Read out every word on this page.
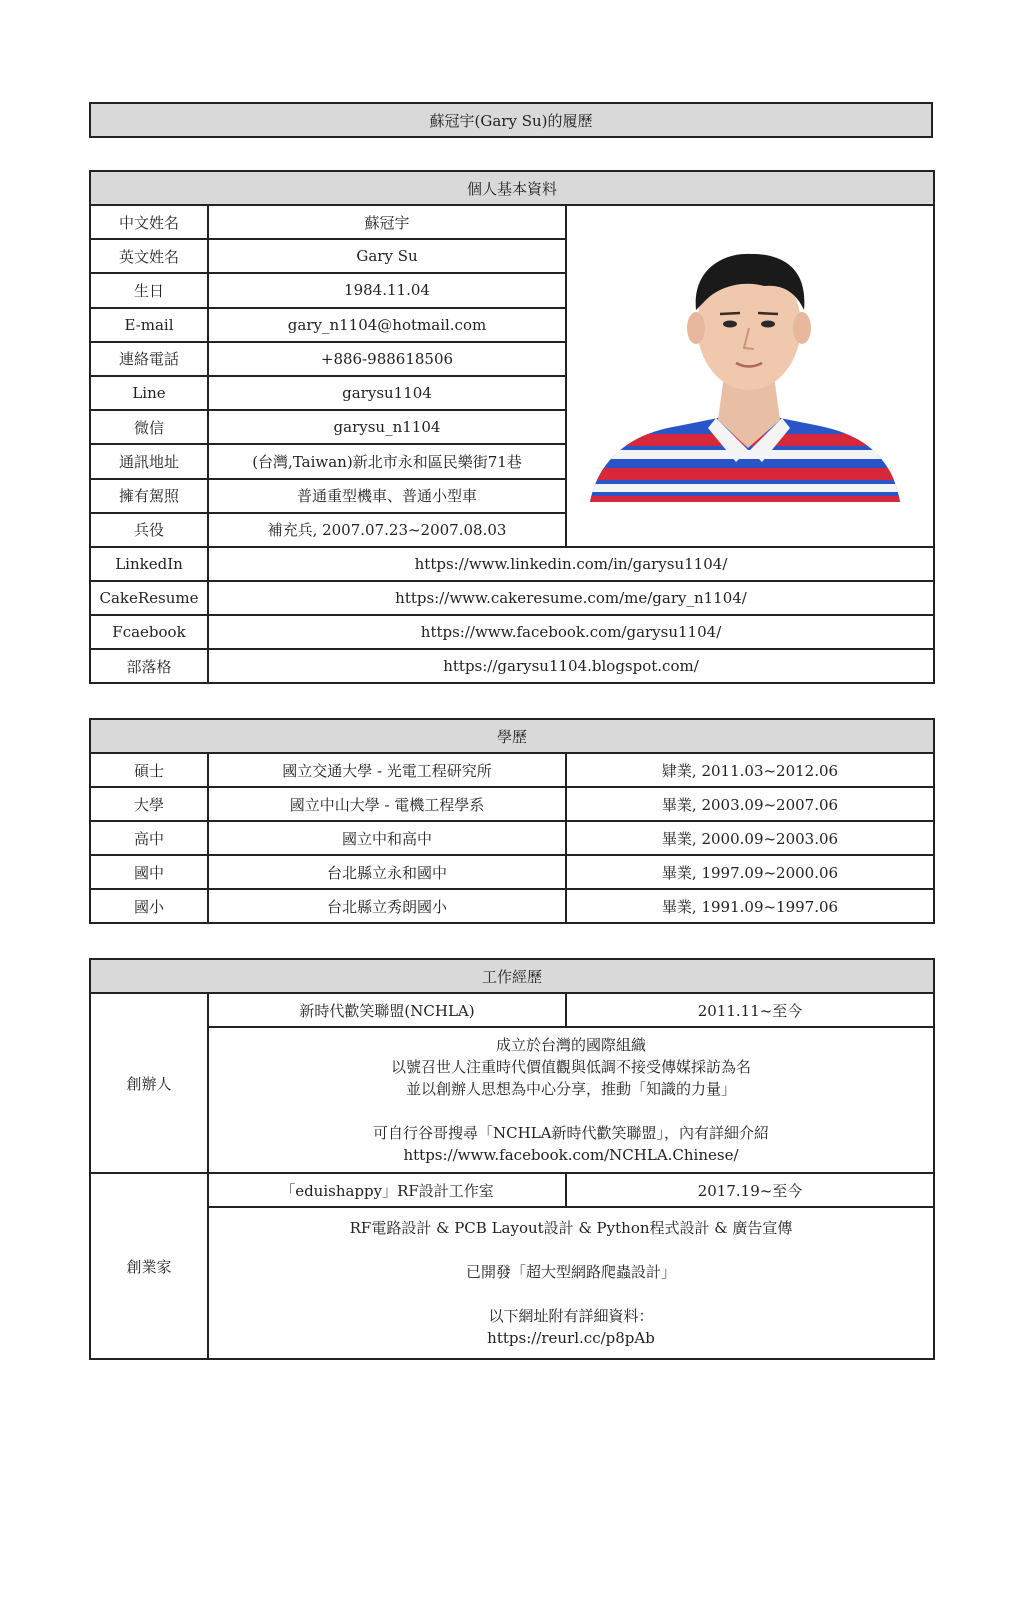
蘇冠宇(Gary Su)的履歷
個人基本資料		
中文姓名	蘇冠宇	
英文姓名	Gary Su	
生日	1984.11.04	
E-mail	gary_n1104@hotmail.com	
連絡電話	+886-988618506	
Line	garysu1104	
微信	garysu_n1104	
通訊地址	(台灣,Taiwan)新北市永和區民樂街71巷	
擁有駕照	普通重型機車、普通小型車	
兵役	補充兵, 2007.07.23~2007.08.03	
LinkedIn	https://www.linkedin.com/in/garysu1104/	
CakeResume	https://www.cakeresume.com/me/gary_n1104/	
Fcaebook	https://www.facebook.com/garysu1104/	
部落格	https://garysu1104.blogspot.com/	
學歷		
碩士	國立交通大學 - 光電工程研究所	肄業, 2011.03~2012.06
大學	國立中山大學 - 電機工程學系	畢業, 2003.09~2007.06
高中	國立中和高中	畢業, 2000.09~2003.06
國中	台北縣立永和國中	畢業, 1997.09~2000.06
國小	台北縣立秀朗國小	畢業, 1991.09~1997.06
工作經歷		
創辦人	新時代歡笑聯盟(NCHLA)	2011.11~至今

	成立於台灣的國際組織
以號召世人注重時代價值觀與低調不接受傳媒採訪為名
並以創辦人思想為中心分享，推動「知識的力量」
可自行谷哥搜尋「NCHLA新時代歡笑聯盟」，內有詳細介紹
https://www.facebook.com/NCHLA.Chinese/	

創業家	「eduishappy」RF設計工作室	2017.19~至今

	RF電路設計 & PCB Layout設計 & Python程式設計 & 廣告宣傳
已開發「超大型網路爬蟲設計」
以下網址附有詳細資料：
https://reurl.cc/p8pAb	
